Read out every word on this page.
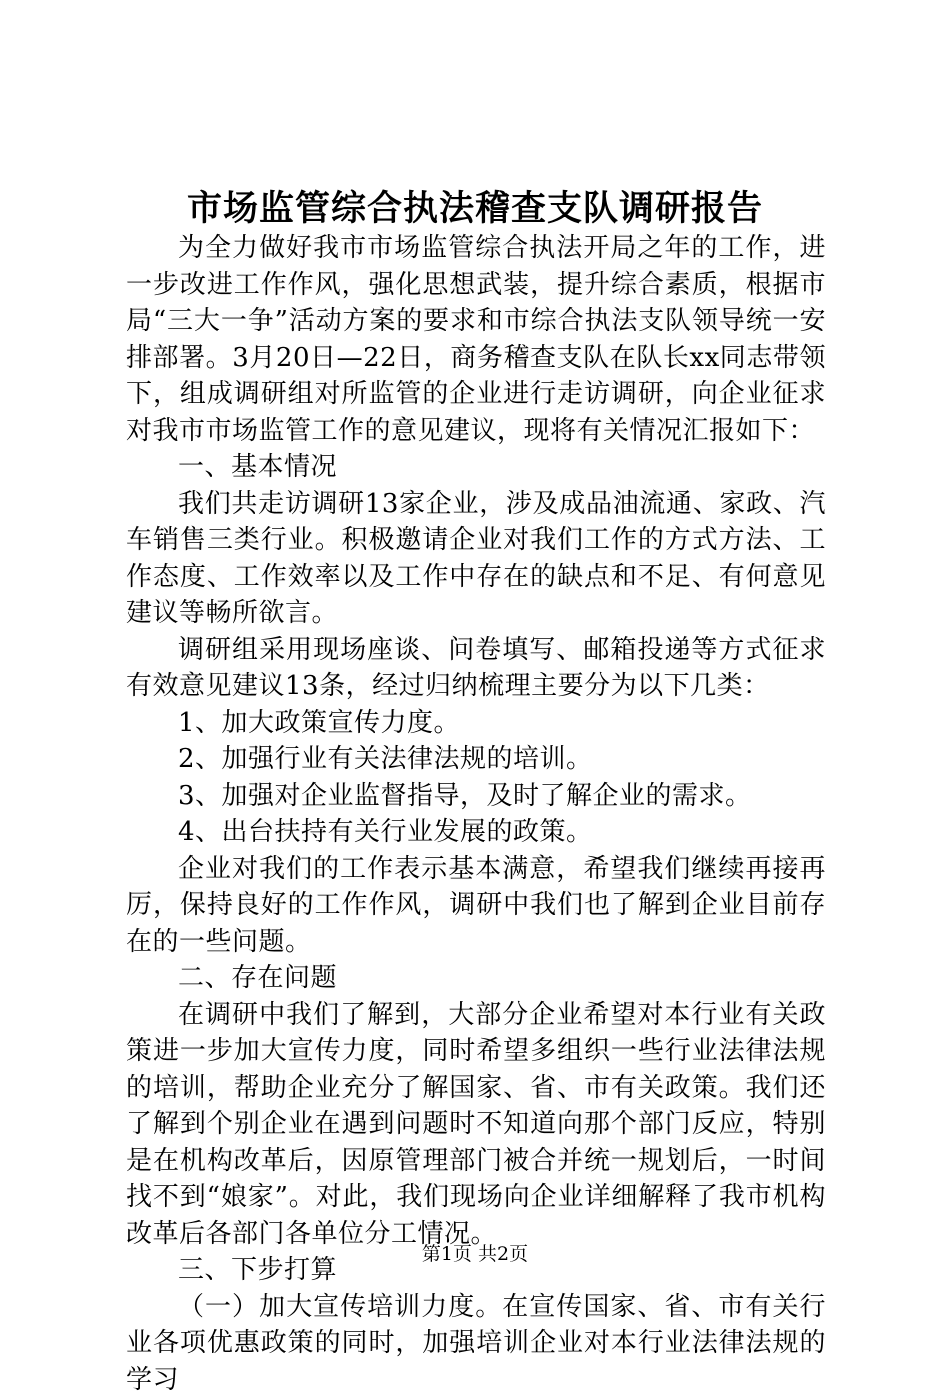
市场监管综合执法稽查支队调研报告

为全力做好我市市场监管综合执法开局之年的工作，进一步改进工作作风，强化思想武装，提升综合素质，根据市局“三大一争”活动方案的要求和市综合执法支队领导统一安排部署。3月20日—22日，商务稽查支队在队长xx同志带领下，组成调研组对所监管的企业进行走访调研，向企业征求对我市市场监管工作的意见建议，现将有关情况汇报如下：

一、基本情况

我们共走访调研13家企业，涉及成品油流通、家政、汽车销售三类行业。积极邀请企业对我们工作的方式方法、工作态度、工作效率以及工作中存在的缺点和不足、有何意见建议等畅所欲言。

调研组采用现场座谈、问卷填写、邮箱投递等方式征求有效意见建议13条，经过归纳梳理主要分为以下几类：

1、加大政策宣传力度。

2、加强行业有关法律法规的培训。

3、加强对企业监督指导，及时了解企业的需求。

4、出台扶持有关行业发展的政策。

企业对我们的工作表示基本满意，希望我们继续再接再厉，保持良好的工作作风，调研中我们也了解到企业目前存在的一些问题。

二、存在问题

在调研中我们了解到，大部分企业希望对本行业有关政策进一步加大宣传力度，同时希望多组织一些行业法律法规的培训，帮助企业充分了解国家、省、市有关政策。我们还了解到个别企业在遇到问题时不知道向那个部门反应，特别是在机构改革后，因原管理部门被合并统一规划后，一时间找不到“娘家”。对此，我们现场向企业详细解释了我市机构改革后各部门各单位分工情况。

三、下步打算

（一）加大宣传培训力度。在宣传国家、省、市有关行业各项优惠政策的同时，加强培训企业对本行业法律法规的学习

第1页 共2页
